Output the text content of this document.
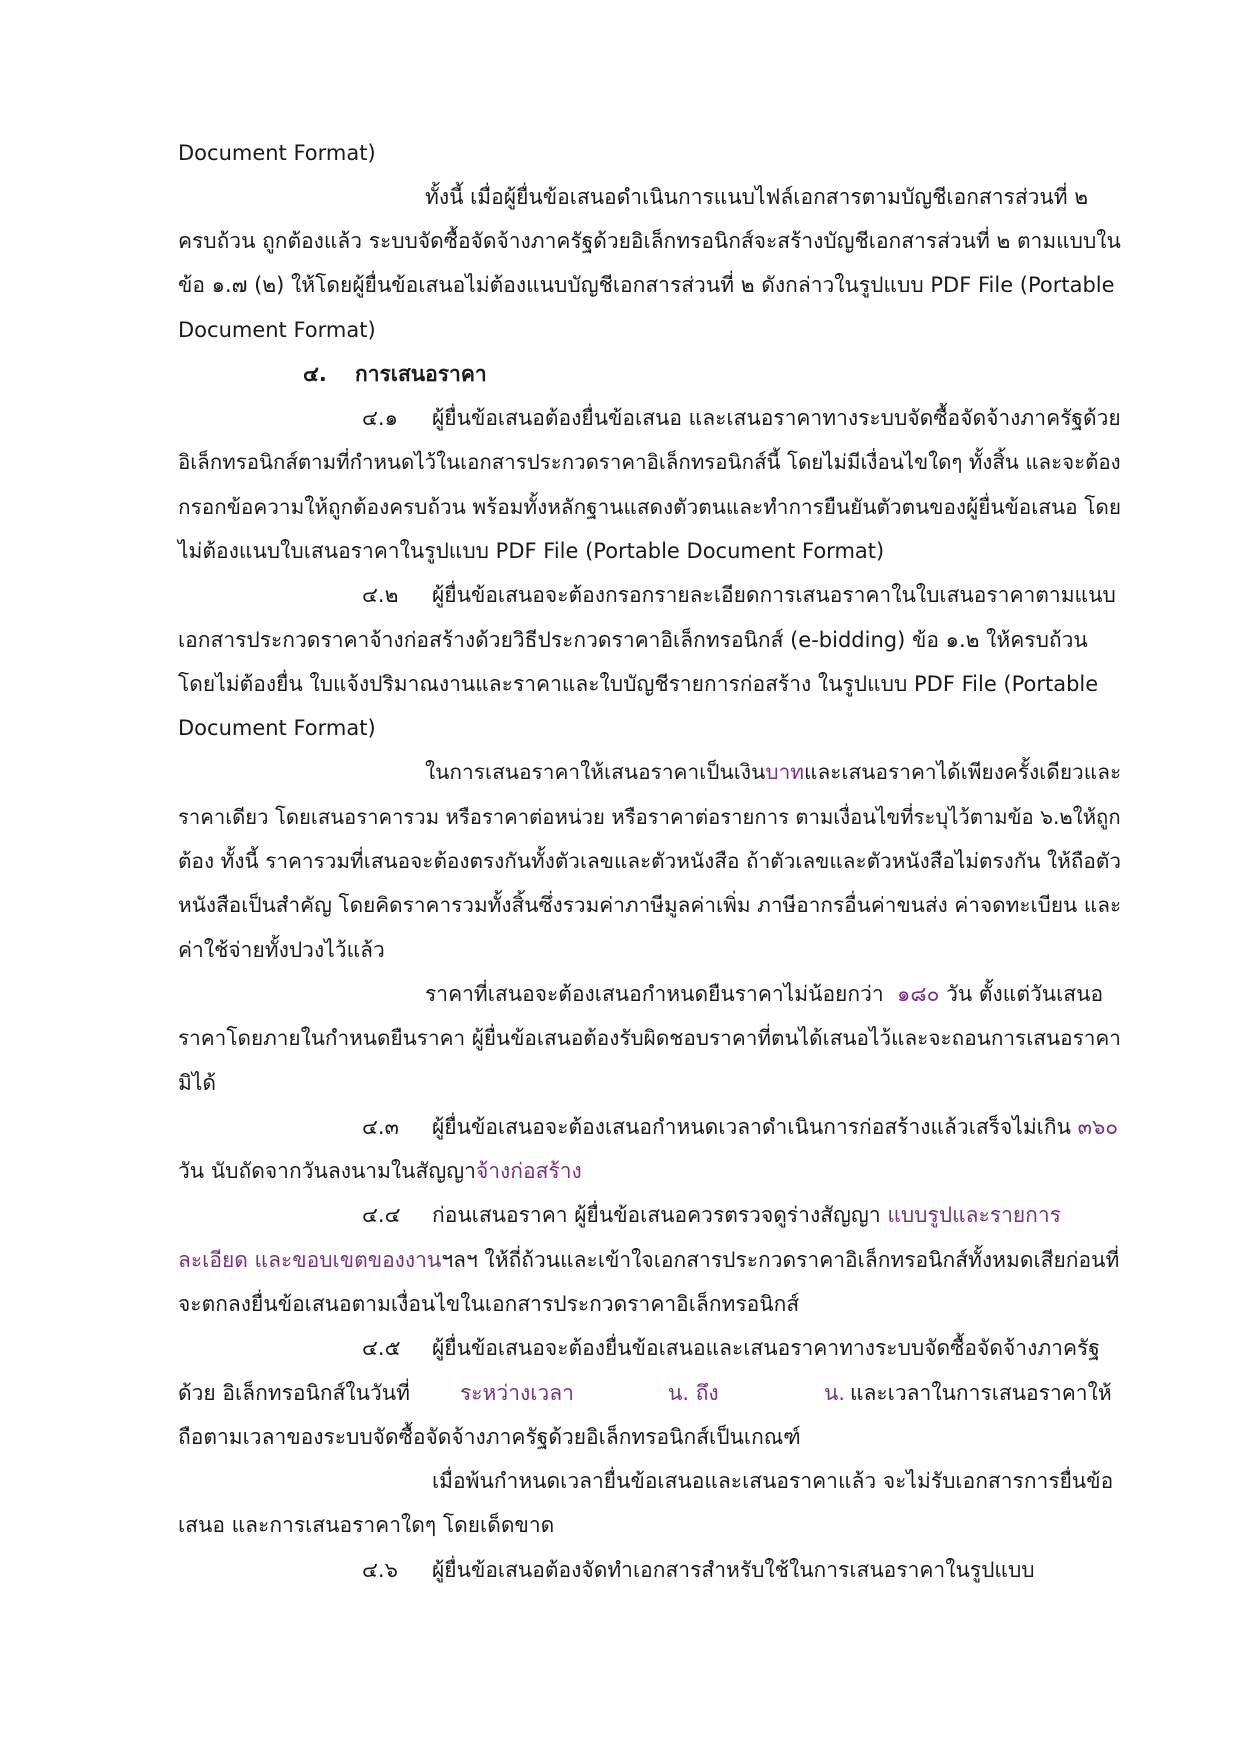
Document Format)
ทั้งนี้ เมื่อผู้ยื่นข้อเสนอดำเนินการแนบไฟล์เอกสารตามบัญชีเอกสารส่วนที่ ๒
ครบถ้วน ถูกต้องแล้ว ระบบจัดซื้อจัดจ้างภาครัฐด้วยอิเล็กทรอนิกส์จะสร้างบัญชีเอกสารส่วนที่ ๒ ตามแบบใน
ข้อ ๑.๗ (๒) ให้โดยผู้ยื่นข้อเสนอไม่ต้องแนบบัญชีเอกสารส่วนที่ ๒ ดังกล่าวในรูปแบบ PDF File (Portable
Document Format)
๔. การเสนอราคา
๔.๑ ผู้ยื่นข้อเสนอต้องยื่นข้อเสนอ และเสนอราคาทางระบบจัดซื้อจัดจ้างภาครัฐด้วย
อิเล็กทรอนิกส์ตามที่กำหนดไว้ในเอกสารประกวดราคาอิเล็กทรอนิกส์นี้ โดยไม่มีเงื่อนไขใดๆ ทั้งสิ้น และจะต้อง
กรอกข้อความให้ถูกต้องครบถ้วน พร้อมทั้งหลักฐานแสดงตัวตนและทำการยืนยันตัวตนของผู้ยื่นข้อเสนอ โดย
ไม่ต้องแนบใบเสนอราคาในรูปแบบ PDF File (Portable Document Format)
๔.๒ ผู้ยื่นข้อเสนอจะต้องกรอกรายละเอียดการเสนอราคาในใบเสนอราคาตามแนบ
เอกสารประกวดราคาจ้างก่อสร้างด้วยวิธีประกวดราคาอิเล็กทรอนิกส์ (e-bidding) ข้อ ๑.๒ ให้ครบถ้วน
โดยไม่ต้องยื่น ใบแจ้งปริมาณงานและราคาและใบบัญชีรายการก่อสร้าง ในรูปแบบ PDF File (Portable
Document Format)
ในการเสนอราคาให้เสนอราคาเป็นเงินบาทและเสนอราคาได้เพียงครั้งเดียวและ
ราคาเดียว โดยเสนอราคารวม หรือราคาต่อหน่วย หรือราคาต่อรายการ ตามเงื่อนไขที่ระบุไว้ตามข้อ ๖.๒ให้ถูก
ต้อง ทั้งนี้ ราคารวมที่เสนอจะต้องตรงกันทั้งตัวเลขและตัวหนังสือ ถ้าตัวเลขและตัวหนังสือไม่ตรงกัน ให้ถือตัว
หนังสือเป็นสำคัญ โดยคิดราคารวมทั้งสิ้นซึ่งรวมค่าภาษีมูลค่าเพิ่ม ภาษีอากรอื่นค่าขนส่ง ค่าจดทะเบียน และ
ค่าใช้จ่ายทั้งปวงไว้แล้ว
ราคาที่เสนอจะต้องเสนอกำหนดยืนราคาไม่น้อยกว่า ๑๘๐ วัน ตั้งแต่วันเสนอ
ราคาโดยภายในกำหนดยืนราคา ผู้ยื่นข้อเสนอต้องรับผิดชอบราคาที่ตนได้เสนอไว้และจะถอนการเสนอราคา
มิได้
๔.๓ ผู้ยื่นข้อเสนอจะต้องเสนอกำหนดเวลาดำเนินการก่อสร้างแล้วเสร็จไม่เกิน ๓๖๐
วัน นับถัดจากวันลงนามในสัญญาจ้างก่อสร้าง
๔.๔ ก่อนเสนอราคา ผู้ยื่นข้อเสนอควรตรวจดูร่างสัญญา แบบรูปและรายการ
ละเอียด และขอบเขตของงานฯลฯ ให้ถี่ถ้วนและเข้าใจเอกสารประกวดราคาอิเล็กทรอนิกส์ทั้งหมดเสียก่อนที่
จะตกลงยื่นข้อเสนอตามเงื่อนไขในเอกสารประกวดราคาอิเล็กทรอนิกส์
๔.๕ ผู้ยื่นข้อเสนอจะต้องยื่นข้อเสนอและเสนอราคาทางระบบจัดซื้อจัดจ้างภาครัฐ
ด้วย อิเล็กทรอนิกส์ในวันที่ ระหว่างเวลา	น. ถึง	น. และเวลาในการเสนอราคาให้
ถือตามเวลาของระบบจัดซื้อจัดจ้างภาครัฐด้วยอิเล็กทรอนิกส์เป็นเกณฑ์
เมื่อพ้นกำหนดเวลายื่นข้อเสนอและเสนอราคาแล้ว จะไม่รับเอกสารการยื่นข้อ
เสนอ และการเสนอราคาใดๆ โดยเด็ดขาด
๔.๖ ผู้ยื่นข้อเสนอต้องจัดทำเอกสารสำหรับใช้ในการเสนอราคาในรูปแบบ
